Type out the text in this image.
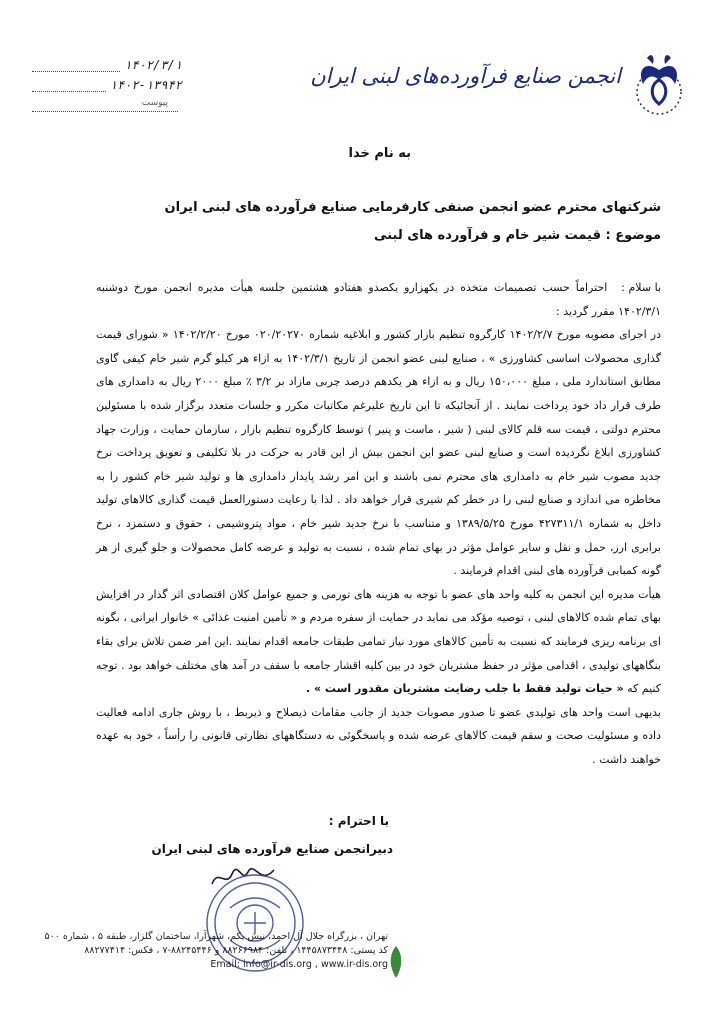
۱۴۰۲/۳/۱
۱۴۰۲-۱۳۹۴۲
پیوست
انجمن صنایع فرآورده‌های لبنی ایران
به نام خدا
شرکتهای محترم عضو انجمن صنفی کارفرمایی صنایع فرآورده های لبنی ایران
موضوع : قیمت شیر خام و فرآورده های لبنی

با سلام :
احتراماً حسب تصمیمات متخذه در یکهزارو یکصدو هفتادو هشتمین جلسه هیأت مدیره انجمن مورخ دوشنبه ۱۴۰۲/۳/۱ مقرر گردید :

در اجرای مصوبه مورخ ۱۴۰۲/۲/۷ کارگروه تنظیم بازار کشور و ابلاغیه شماره ۰۲۰/۲۰۲۷۰ مورخ ۱۴۰۲/۲/۲۰ « شورای قیمت گذاری محصولات اساسی کشاورزی » ، صنایع لبنی عضو انجمن از تاریخ ۱۴۰۲/۳/۱ به ازاء هر کیلو گرم شیر خام کیفی گاوی مطابق استاندارد ملی ، مبلغ ۱۵۰،۰۰۰ ریال و به ازاء هر یکدهم درصد چربی مازاد بر ۳/۲ ٪ مبلغ ۲۰۰۰ ریال به دامداری های طرف قرار داد خود پرداخت نمایند . از آنجائیکه تا این تاریخ علیرغم مکاتبات مکرر و جلسات متعدد برگزار شده با مسئولین محترم دولتی ، قیمت سه قلم کالای لبنی ( شیر ، ماست و پنیر ) توسط کارگروه تنظیم بازار ، سازمان حمایت ، وزارت جهاد کشاورزی ابلاغ نگردیده است و صنایع لبنی عضو این انجمن بیش از این قادر به حرکت در بلا تکلیفی و تعویق پرداخت نرخ جدید مصوب شیر خام به دامداری های محترم نمی باشند و این امر رشد پایدار دامداری ها و تولید شیر خام کشور را به مخاطره می اندازد و صنایع لبنی را در خطر کم شیری قرار خواهد داد . لذا با رعایت دستورالعمل قیمت گذاری کالاهای تولید داخل به شماره ۴۲۷۳۱۱/۱ مورخ ۱۳۸۹/۵/۲۵ و متناسب با نرخ جدید شیر خام ، مواد پتروشیمی ، حقوق و دستمزد ، نرخ برابری ارز، حمل و نقل و سایر عوامل مؤثر در بهای تمام شده ، نسبت به تولید و عرضه کامل محصولات و جلو گیری از هر گونه کمبابی فرآورده های لبنی اقدام فرمایند .

هیأت مدیره این انجمن به کلیه واحد های عضو با توجه به هزینه های تورمی و جمیع عوامل کلان اقتصادی اثر گذار در افزایش بهای تمام شده کالاهای لبنی ، توصیه مؤکد می نماید در حمایت از سفره مردم و « تأمین امنیت غذائی » خانوار ایرانی ، بگونه ای برنامه ریزی فرمایند که نسبت به تأمین کالاهای مورد نیاز تمامی طبقات جامعه اقدام نمایند .این امر ضمن تلاش برای بقاء بنگاههای تولیدی ، اقدامی مؤثر در حفظ مشتریان خود در بین کلیه اقشار جامعه با سقف در آمد های مختلف خواهد بود . توجه کنیم که « حیات تولید فقط با جلب رضایت مشتریان مقدور است » .

بدیهی است واحد های تولیدی عضو تا صدور مصوبات جدید از جانب مقامات ذیصلاح و ذیربط ، با روش جاری ادامه فعالیت داده و مسئولیت صحت و سقم قیمت کالاهای عرضه شده و پاسخگوئی به دستگاههای نظارتی قانونی را رأساً ، خود به عهده خواهند داشت .

با احترام :
دبیرانجمن صنایع فرآورده های لبنی ایران
تهران ، بزرگراه جلال آل احمد، نبش یکم، شهرآرا، ساختمان گلزار، طبقه ۵ ، شماره ۵۰۰
کد پستی: ۱۴۴۵۸۷۳۴۴۸ ، تلفن: ۸۸۲۶۶۹۸۴ و ۸۸۲۴۵۴۴۶-۷ ، فکس: ۸۸۲۷۷۴۱۴
Email: info@ir-dis.org , www.ir-dis.org
